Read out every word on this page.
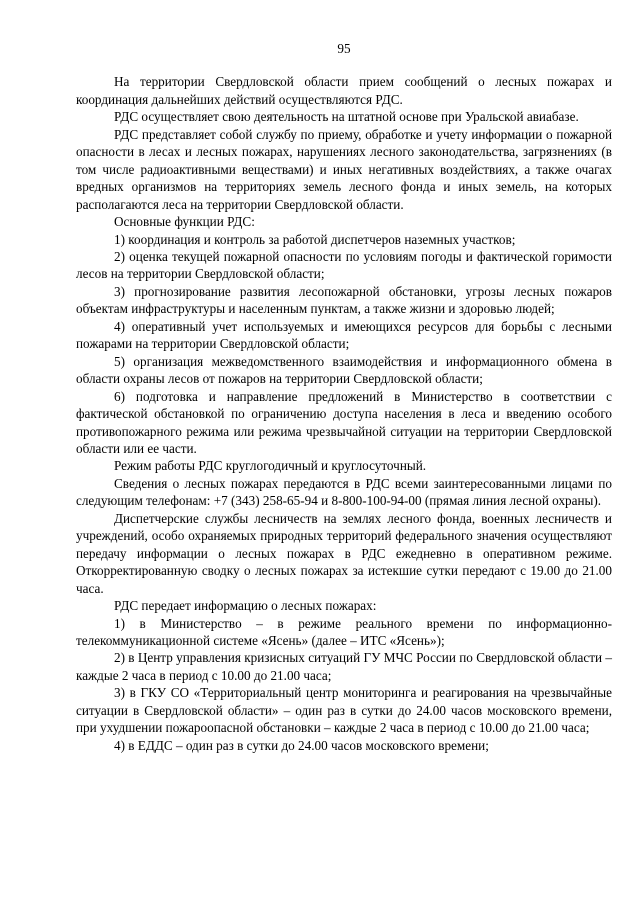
95

На территории Свердловской области прием сообщений о лесных пожарах и координация дальнейших действий осуществляются РДС.

РДС осуществляет свою деятельность на штатной основе при Уральской авиабазе.

РДС представляет собой службу по приему, обработке и учету информации о пожарной опасности в лесах и лесных пожарах, нарушениях лесного законодательства, загрязнениях (в том числе радиоактивными веществами) и иных негативных воздействиях, а также очагах вредных организмов на территориях земель лесного фонда и иных земель, на которых располагаются леса на территории Свердловской области.

Основные функции РДС:

1) координация и контроль за работой диспетчеров наземных участков;

2) оценка текущей пожарной опасности по условиям погоды и фактической горимости лесов на территории Свердловской области;

3) прогнозирование развития лесопожарной обстановки, угрозы лесных пожаров объектам инфраструктуры и населенным пунктам, а также жизни и здоровью людей;

4) оперативный учет используемых и имеющихся ресурсов для борьбы с лесными пожарами на территории Свердловской области;

5) организация межведомственного взаимодействия и информационного обмена в области охраны лесов от пожаров на территории Свердловской области;

6) подготовка и направление предложений в Министерство в соответствии с фактической обстановкой по ограничению доступа населения в леса и введению особого противопожарного режима или режима чрезвычайной ситуации на территории Свердловской области или ее части.

Режим работы РДС круглогодичный и круглосуточный.

Сведения о лесных пожарах передаются в РДС всеми заинтересованными лицами по следующим телефонам: +7 (343) 258-65-94 и 8-800-100-94-00 (прямая линия лесной охраны).

Диспетчерские службы лесничеств на землях лесного фонда, военных лесничеств и учреждений, особо охраняемых природных территорий федерального значения осуществляют передачу информации о лесных пожарах в РДС ежедневно в оперативном режиме. Откорректированную сводку о лесных пожарах за истекшие сутки передают с 19.00 до 21.00 часа.

РДС передает информацию о лесных пожарах:

1) в Министерство – в режиме реального времени по информационно-телекоммуникационной системе «Ясень» (далее – ИТС «Ясень»);

2) в Центр управления кризисных ситуаций ГУ МЧС России по Свердловской области – каждые 2 часа в период с 10.00 до 21.00 часа;

3) в ГКУ СО «Территориальный центр мониторинга и реагирования на чрезвычайные ситуации в Свердловской области» – один раз в сутки до 24.00 часов московского времени, при ухудшении пожароопасной обстановки – каждые 2 часа в период с 10.00 до 21.00 часа;

4) в ЕДДС – один раз в сутки до 24.00 часов московского времени;
